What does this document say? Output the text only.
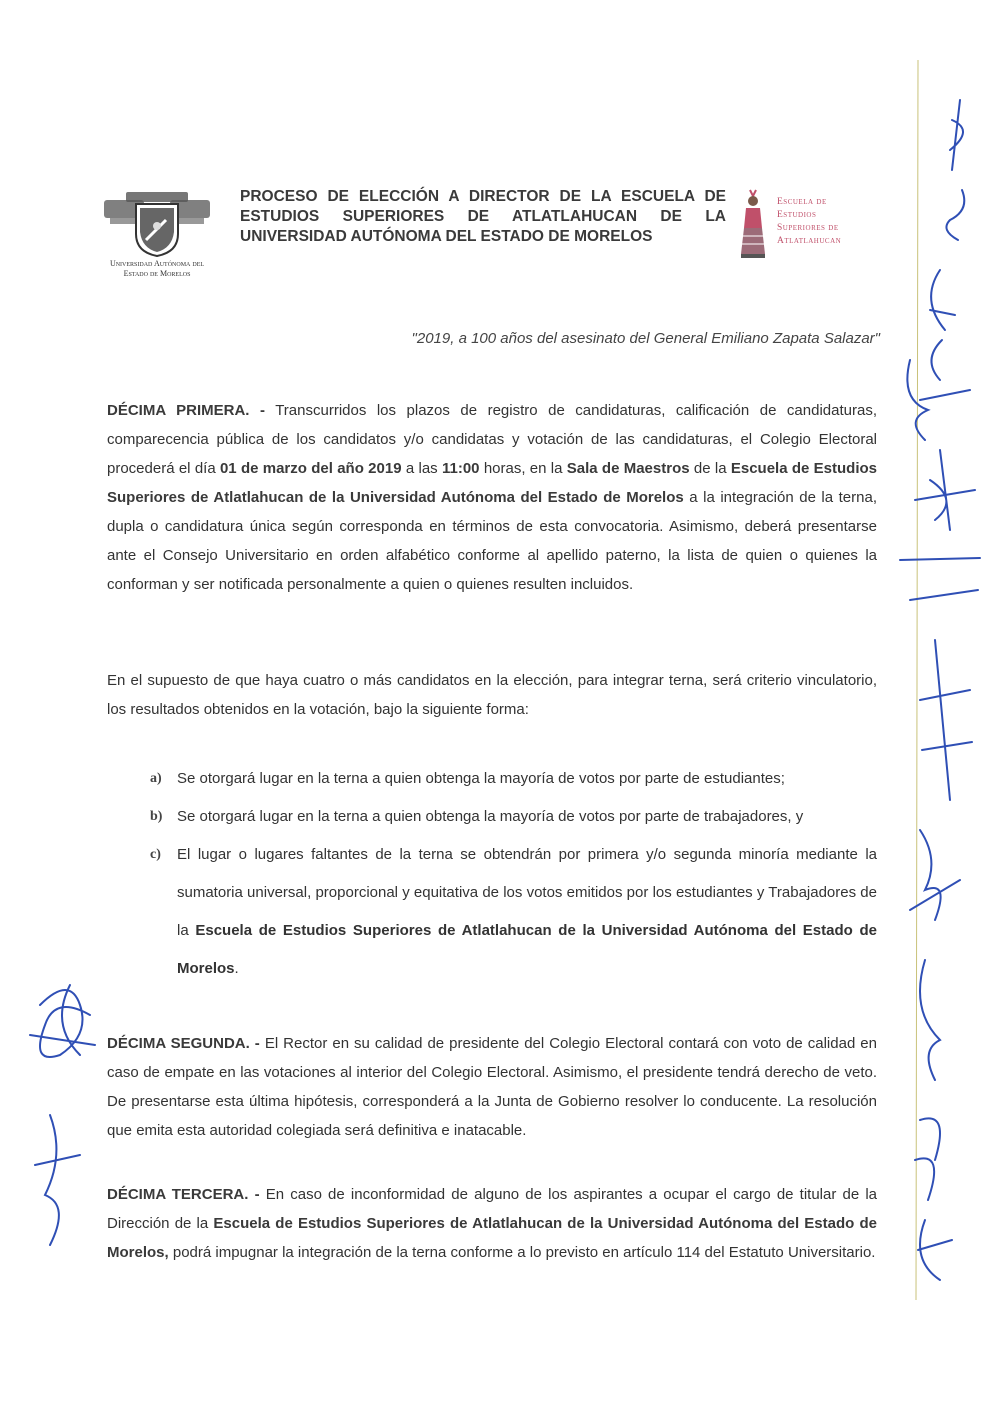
Universidad Autónoma del
Estado de Morelos
PROCESO DE ELECCIÓN A DIRECTOR DE LA ESCUELA DE
ESTUDIOS SUPERIORES DE ATLATLAHUCAN DE LA
UNIVERSIDAD AUTÓNOMA DEL ESTADO DE MORELOS
Escuela de
Estudios
Superiores de
Atlatlahucan
"2019, a 100 años del asesinato del General Emiliano Zapata Salazar"
DÉCIMA PRIMERA. - Transcurridos los plazos de registro de candidaturas, calificación de candidaturas, comparecencia pública de los candidatos y/o candidatas y votación de las candidaturas, el Colegio Electoral procederá el día 01 de marzo del año 2019 a las 11:00 horas, en la Sala de Maestros de la Escuela de Estudios Superiores de Atlatlahucan de la Universidad Autónoma del Estado de Morelos a la integración de la terna, dupla o candidatura única según corresponda en términos de esta convocatoria. Asimismo, deberá presentarse ante el Consejo Universitario en orden alfabético conforme al apellido paterno, la lista de quien o quienes la conforman y ser notificada personalmente a quien o quienes resulten incluidos.
En el supuesto de que haya cuatro o más candidatos en la elección, para integrar terna, será criterio vinculatorio, los resultados obtenidos en la votación, bajo la siguiente forma:
a) Se otorgará lugar en la terna a quien obtenga la mayoría de votos por parte de estudiantes;
b) Se otorgará lugar en la terna a quien obtenga la mayoría de votos por parte de trabajadores, y
c) El lugar o lugares faltantes de la terna se obtendrán por primera y/o segunda minoría mediante la sumatoria universal, proporcional y equitativa de los votos emitidos por los estudiantes y Trabajadores de la Escuela de Estudios Superiores de Atlatlahucan de la Universidad Autónoma del Estado de Morelos.
DÉCIMA SEGUNDA. - El Rector en su calidad de presidente del Colegio Electoral contará con voto de calidad en caso de empate en las votaciones al interior del Colegio Electoral. Asimismo, el presidente tendrá derecho de veto. De presentarse esta última hipótesis, corresponderá a la Junta de Gobierno resolver lo conducente. La resolución que emita esta autoridad colegiada será definitiva e inatacable.
DÉCIMA TERCERA. - En caso de inconformidad de alguno de los aspirantes a ocupar el cargo de titular de la Dirección de la Escuela de Estudios Superiores de Atlatlahucan de la Universidad Autónoma del Estado de Morelos, podrá impugnar la integración de la terna conforme a lo previsto en artículo 114 del Estatuto Universitario.
